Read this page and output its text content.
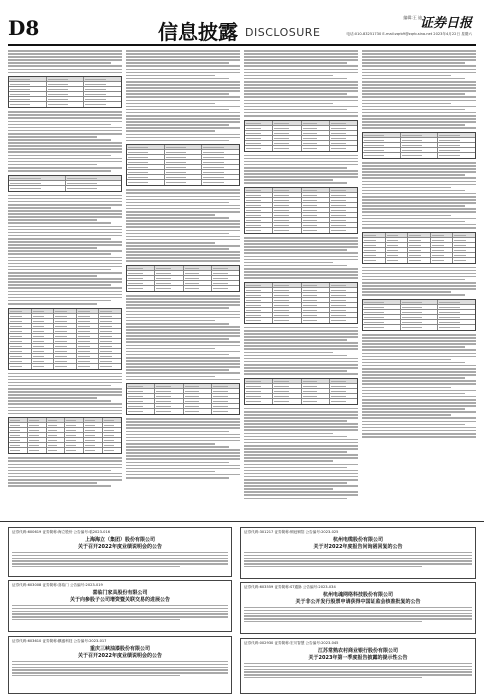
D8	信息披露 DISCLOSURE
编辑:王 迪
证券日报
电话:010-83251730 E-mail:zqrb9@zqrb.sina.net 2023年4月22日 星期六
证券代码:600619 证券简称:海立股份 公告编号:临2023-016
上海海立（集团）股份有限公司
关于召开2022年度业绩说明会的公告
证券代码:603008 证券简称:喜临门 公告编号:2023-019
喜临门家具股份有限公司
关于向参股子公司增资暨关联交易的进展公告
证券代码:603610 证券简称:麒盛科技 公告编号:2023-017
重庆三峡油漆股份有限公司
关于召开2022年度业绩说明会的公告
证券代码:301217 证券简称:铜冠铜箔 公告编号:2023-025
杭州电缆股份有限公司
关于对2022年度报告问询函回复的公告
证券代码:603559 证券简称:ST通脉 公告编号:2023-034
杭州电魂网络科技股份有限公司
关于非公开发行股票申请获得中国证监会核准批复的公告
证券代码:002930 证券简称:宏川智慧 公告编号:2023-045
江苏常熟农村商业银行股份有限公司
关于2023年第一季度报告披露的提示性公告
